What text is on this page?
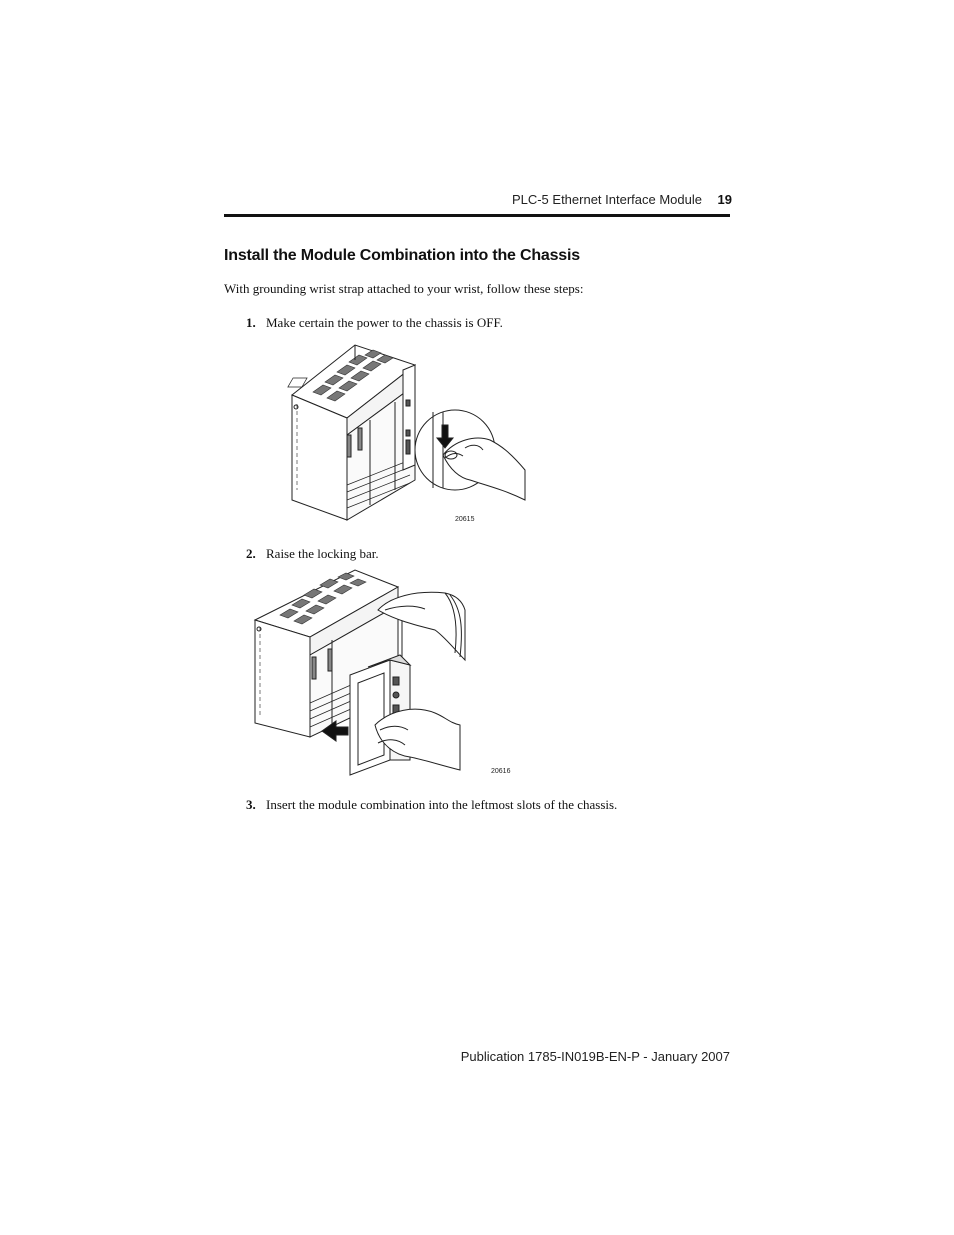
PLC-5 Ethernet Interface Module	19
Install the Module Combination into the Chassis
With grounding wrist strap attached to your wrist, follow these steps:
1. Make certain the power to the chassis is OFF.
20615
2. Raise the locking bar.
20616
3. Insert the module combination into the leftmost slots of the chassis.
Publication 1785-IN019B-EN-P - January 2007
